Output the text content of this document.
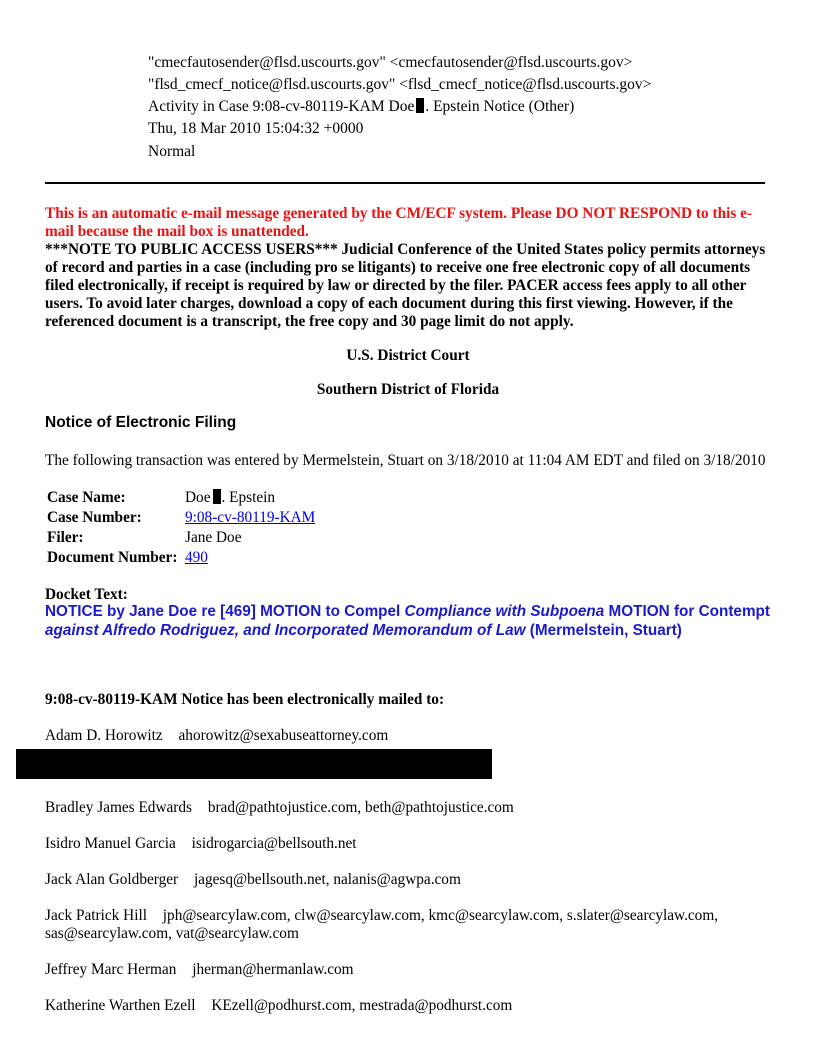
"cmecfautosender@flsd.uscourts.gov" <cmecfautosender@flsd.uscourts.gov>
"flsd_cmecf_notice@flsd.uscourts.gov" <flsd_cmecf_notice@flsd.uscourts.gov>
Activity in Case 9:08-cv-80119-KAM Doe . Epstein Notice (Other)
Thu, 18 Mar 2010 15:04:32 +0000
Normal
This is an automatic e-mail message generated by the CM/ECF system. Please DO NOT RESPOND to this e-mail because the mail box is unattended.
***NOTE TO PUBLIC ACCESS USERS*** Judicial Conference of the United States policy permits attorneys of record and parties in a case (including pro se litigants) to receive one free electronic copy of all documents filed electronically, if receipt is required by law or directed by the filer. PACER access fees apply to all other users. To avoid later charges, download a copy of each document during this first viewing. However, if the referenced document is a transcript, the free copy and 30 page limit do not apply.
U.S. District Court
Southern District of Florida
Notice of Electronic Filing
The following transaction was entered by Mermelstein, Stuart on 3/18/2010 at 11:04 AM EDT and filed on 3/18/2010
Case Name:	Doe . Epstein
Case Number:	9:08-cv-80119-KAM
Filer:	Jane Doe
Document Number: 490
Docket Text:
NOTICE by Jane Doe re [469] MOTION to Compel Compliance with Subpoena MOTION for Contempt against Alfredo Rodriguez, and Incorporated Memorandum of Law (Mermelstein, Stuart)
9:08-cv-80119-KAM Notice has been electronically mailed to:
Adam D. Horowitz ahorowitz@sexabuseattorney.com
Bradley James Edwards brad@pathtojustice.com, beth@pathtojustice.com
Isidro Manuel Garcia isidrogarcia@bellsouth.net
Jack Alan Goldberger jagesq@bellsouth.net, nalanis@agwpa.com
Jack Patrick Hill jph@searcylaw.com, clw@searcylaw.com, kmc@searcylaw.com, s.slater@searcylaw.com, sas@searcylaw.com, vat@searcylaw.com
Jeffrey Marc Herman jherman@hermanlaw.com
Katherine Warthen Ezell KEzell@podhurst.com, mestrada@podhurst.com
